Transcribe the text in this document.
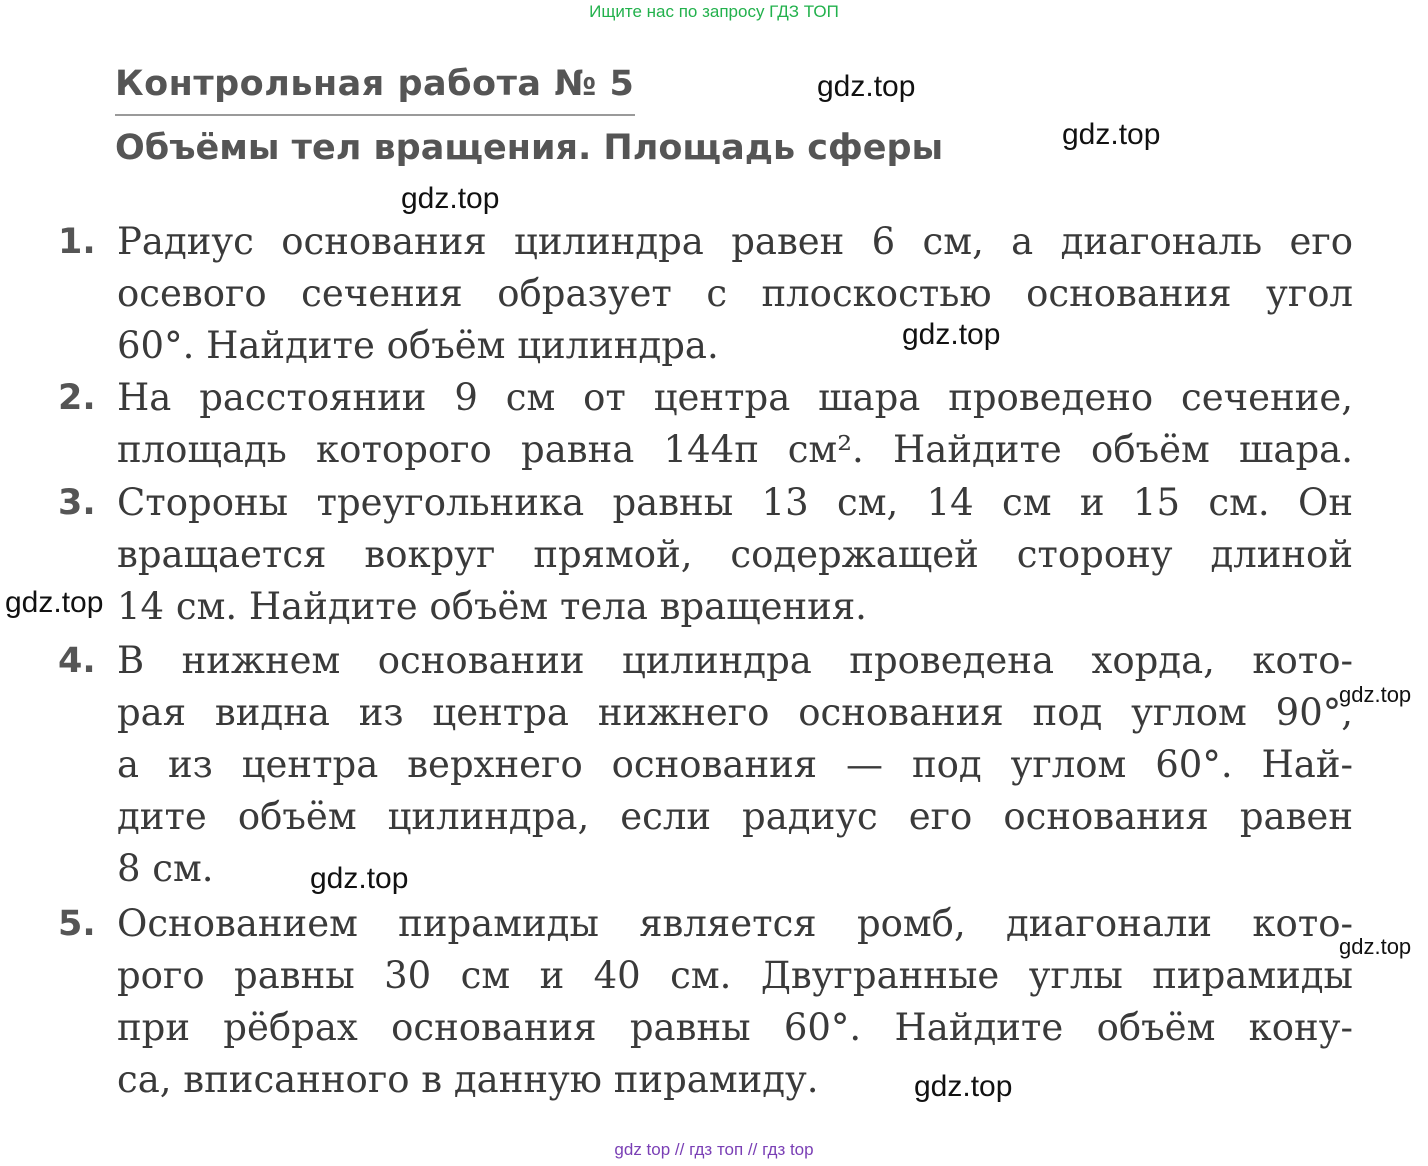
Ищите нас по запросу ГДЗ ТОП
Контрольная работа № 5
Объёмы тел вращения. Площадь сферы
1. Радиус основания цилиндра равен 6 см, а диагональ его
осевого сечения образует с плоскостью основания угол
60°. Найдите объём цилиндра.
2. На расстоянии 9 см от центра шара проведено сечение,
площадь которого равна 144π см². Найдите объём шара.
3. Стороны треугольника равны 13 см, 14 см и 15 см. Он
вращается вокруг прямой, содержащей сторону длиной
14 см. Найдите объём тела вращения.
4. В нижнем основании цилиндра проведена хорда, кото-
рая видна из центра нижнего основания под углом 90°,
а из центра верхнего основания — под углом 60°. Най-
дите объём цилиндра, если радиус его основания равен
8 см.
5. Основанием пирамиды является ромб, диагонали кото-
рого равны 30 см и 40 см. Двугранные углы пирамиды
при рёбрах основания равны 60°. Найдите объём кону-
са, вписанного в данную пирамиду.
gdz.top
gdz.top
gdz.top
gdz.top
gdz.top
gdz.top
gdz.top
gdz.top
gdz.top
gdz top // гдз топ // гдз top
